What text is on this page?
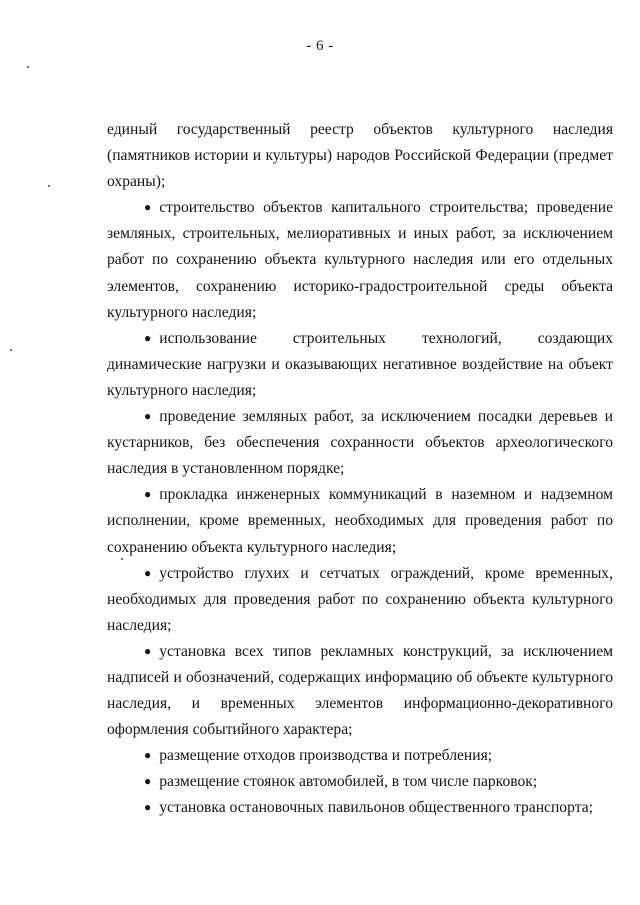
- 6 -

единый государственный реестр объектов культурного наследия (памятников истории и культуры) народов Российской Федерации (предмет охраны);

● строительство объектов капитального строительства; проведение земляных, строительных, мелиоративных и иных работ, за исключением работ по сохранению объекта культурного наследия или его отдельных элементов, сохранению историко-градостроительной среды объекта культурного наследия;

● использование строительных технологий, создающих динамические нагрузки и оказывающих негативное воздействие на объект культурного наследия;

● проведение земляных работ, за исключением посадки деревьев и кустарников, без обеспечения сохранности объектов археологического наследия в установленном порядке;

● прокладка инженерных коммуникаций в наземном и надземном исполнении, кроме временных, необходимых для проведения работ по сохранению объекта культурного наследия;

● устройство глухих и сетчатых ограждений, кроме временных, необходимых для проведения работ по сохранению объекта культурного наследия;

● установка всех типов рекламных конструкций, за исключением надписей и обозначений, содержащих информацию об объекте культурного наследия, и временных элементов информационно-декоративного оформления событийного характера;

● размещение отходов производства и потребления;

● размещение стоянок автомобилей, в том числе парковок;

● установка остановочных павильонов общественного транспорта;
